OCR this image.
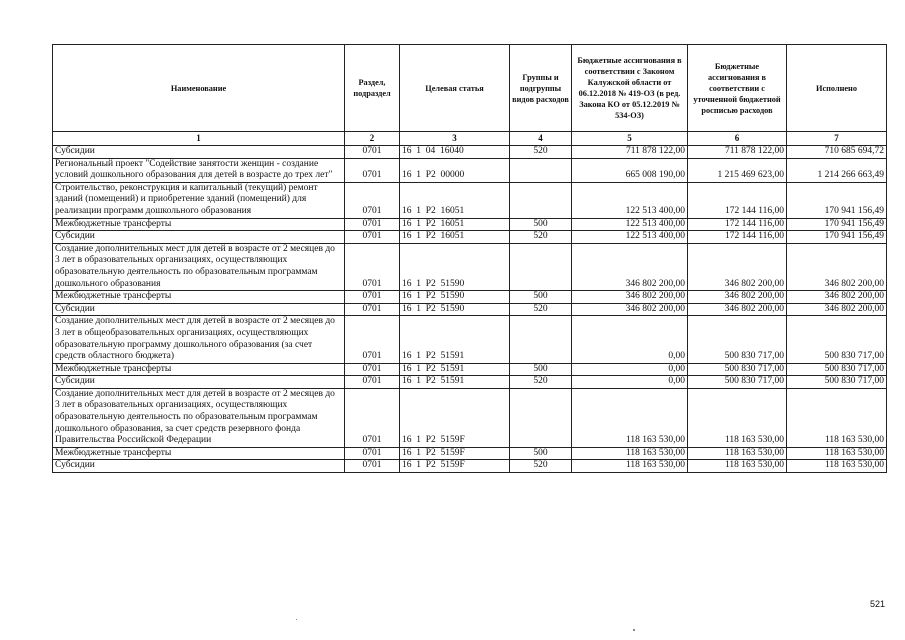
Наименование	Раздел, подраздел	Целевая статья	Группы и подгруппы видов расходов	Бюджетные ассигнования в соответствии с Законом Калужской области от 06.12.2018 № 419-ОЗ (в ред. Закона КО от 05.12.2019 № 534-ОЗ)	Бюджетные ассигнования в соответствии с уточненной бюджетной росписью расходов	Исполнено
1	2	3	4	5	6	7
Субсидии	0701	16  1  04  16040	520	711 878 122,00	711 878 122,00	710 685 694,72
Региональный проект "Содействие занятости женщин - создание условий дошкольного образования для детей в возрасте до трех лет"	0701	16  1  P2  00000		665 008 190,00	1 215 469 623,00	1 214 266 663,49
Строительство, реконструкция и капитальный (текущий) ремонт зданий (помещений) и приобретение зданий (помещений) для реализации программ дошкольного образования	0701	16  1  P2  16051		122 513 400,00	172 144 116,00	170 941 156,49
Межбюджетные трансферты	0701	16  1  P2  16051	500	122 513 400,00	172 144 116,00	170 941 156,49
Субсидии	0701	16  1  P2  16051	520	122 513 400,00	172 144 116,00	170 941 156,49
Создание дополнительных мест для детей в возрасте от 2 месяцев до 3 лет в образовательных организациях, осуществляющих образовательную деятельность по образовательным программам дошкольного образования	0701	16  1  P2  51590		346 802 200,00	346 802 200,00	346 802 200,00
Межбюджетные трансферты	0701	16  1  P2  51590	500	346 802 200,00	346 802 200,00	346 802 200,00
Субсидии	0701	16  1  P2  51590	520	346 802 200,00	346 802 200,00	346 802 200,00
Создание дополнительных мест для детей в возрасте от 2 месяцев до 3 лет в общеобразовательных организациях, осуществляющих образовательную программу дошкольного образования (за счет средств областного бюджета)	0701	16  1  P2  51591		0,00	500 830 717,00	500 830 717,00
Межбюджетные трансферты	0701	16  1  P2  51591	500	0,00	500 830 717,00	500 830 717,00
Субсидии	0701	16  1  P2  51591	520	0,00	500 830 717,00	500 830 717,00
Создание дополнительных мест для детей в возрасте от 2 месяцев до 3 лет в образовательных организациях, осуществляющих образовательную деятельность по образовательным программам дошкольного образования, за счет средств резервного фонда Правительства Российской Федерации	0701	16  1  P2  5159F		118 163 530,00	118 163 530,00	118 163 530,00
Межбюджетные трансферты	0701	16  1  P2  5159F	500	118 163 530,00	118 163 530,00	118 163 530,00
Субсидии	0701	16  1  P2  5159F	520	118 163 530,00	118 163 530,00	118 163 530,00
521
